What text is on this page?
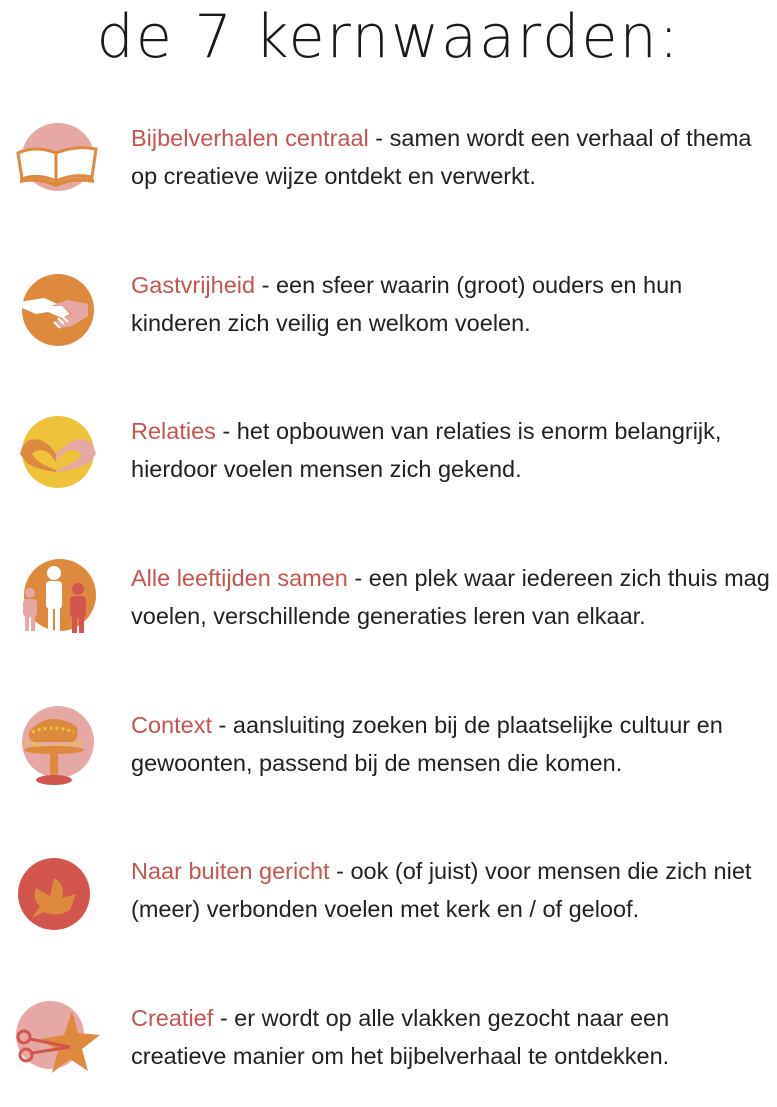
de 7 kernwaarden:
Bijbelverhalen centraal - samen wordt een verhaal of thema op creatieve wijze ontdekt en verwerkt.
Gastvrijheid - een sfeer waarin (groot) ouders en hun kinderen zich veilig en welkom voelen.
Relaties - het opbouwen van relaties is enorm belangrijk, hierdoor voelen mensen zich gekend.
Alle leeftijden samen - een plek waar iedereen zich thuis mag voelen, verschillende generaties leren van elkaar.
Context - aansluiting zoeken bij de plaatselijke cultuur en gewoonten, passend bij de mensen die komen.
Naar buiten gericht - ook (of juist) voor mensen die zich niet (meer) verbonden voelen met kerk en / of geloof.
Creatief - er wordt op alle vlakken gezocht naar een creatieve manier om het bijbelverhaal te ontdekken.
